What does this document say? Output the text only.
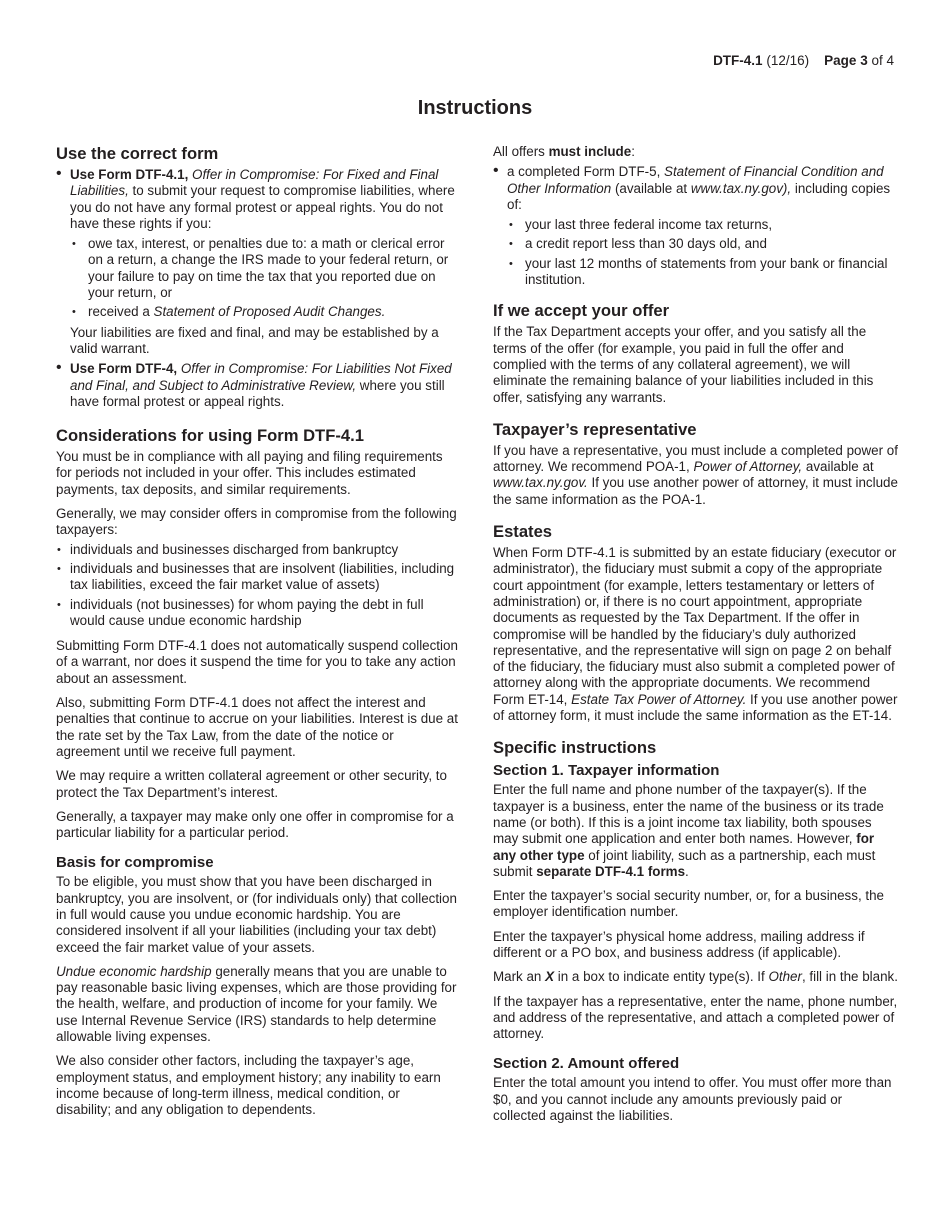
DTF-4.1 (12/16) Page 3 of 4
Instructions
Use the correct form
• Use Form DTF-4.1, Offer in Compromise: For Fixed and Final Liabilities, to submit your request to compromise liabilities, where you do not have any formal protest or appeal rights. You do not have these rights if you:
• owe tax, interest, or penalties due to: a math or clerical error on a return, a change the IRS made to your federal return, or your failure to pay on time the tax that you reported due on your return, or
• received a Statement of Proposed Audit Changes.

Your liabilities are fixed and final, and may be established by a valid warrant.

• Use Form DTF-4, Offer in Compromise: For Liabilities Not Fixed and Final, and Subject to Administrative Review, where you still have formal protest or appeal rights.
Considerations for using Form DTF-4.1

You must be in compliance with all paying and filing requirements for periods not included in your offer. This includes estimated payments, tax deposits, and similar requirements.

Generally, we may consider offers in compromise from the following taxpayers:

• individuals and businesses discharged from bankruptcy
• individuals and businesses that are insolvent (liabilities, including tax liabilities, exceed the fair market value of assets)
• individuals (not businesses) for whom paying the debt in full would cause undue economic hardship

Submitting Form DTF-4.1 does not automatically suspend collection of a warrant, nor does it suspend the time for you to take any action about an assessment.

Also, submitting Form DTF-4.1 does not affect the interest and penalties that continue to accrue on your liabilities. Interest is due at the rate set by the Tax Law, from the date of the notice or agreement until we receive full payment.

We may require a written collateral agreement or other security, to protect the Tax Department’s interest.

Generally, a taxpayer may make only one offer in compromise for a particular liability for a particular period.

Basis for compromise

To be eligible, you must show that you have been discharged in bankruptcy, you are insolvent, or (for individuals only) that collection in full would cause you undue economic hardship. You are considered insolvent if all your liabilities (including your tax debt) exceed the fair market value of your assets.

Undue economic hardship generally means that you are unable to pay reasonable basic living expenses, which are those providing for the health, welfare, and production of income for your family. We use Internal Revenue Service (IRS) standards to help determine allowable living expenses.

We also consider other factors, including the taxpayer’s age, employment status, and employment history; any inability to earn income because of long-term illness, medical condition, or disability; and any obligation to dependents.

All offers must include:

• a completed Form DTF-5, Statement of Financial Condition and Other Information (available at www.tax.ny.gov), including copies of:
• your last three federal income tax returns,
• a credit report less than 30 days old, and
• your last 12 months of statements from your bank or financial institution.
If we accept your offer

If the Tax Department accepts your offer, and you satisfy all the terms of the offer (for example, you paid in full the offer and complied with the terms of any collateral agreement), we will eliminate the remaining balance of your liabilities included in this offer, satisfying any warrants.

Taxpayer’s representative

If you have a representative, you must include a completed power of attorney. We recommend POA-1, Power of Attorney, available at www.tax.ny.gov. If you use another power of attorney, it must include the same information as the POA-1.

Estates

When Form DTF-4.1 is submitted by an estate fiduciary (executor or administrator), the fiduciary must submit a copy of the appropriate court appointment (for example, letters testamentary or letters of administration) or, if there is no court appointment, appropriate documents as requested by the Tax Department. If the offer in compromise will be handled by the fiduciary’s duly authorized representative, and the representative will sign on page 2 on behalf of the fiduciary, the fiduciary must also submit a completed power of attorney along with the appropriate documents. We recommend Form ET-14, Estate Tax Power of Attorney. If you use another power of attorney form, it must include the same information as the ET-14.

Specific instructions
Section 1. Taxpayer information

Enter the full name and phone number of the taxpayer(s). If the taxpayer is a business, enter the name of the business or its trade name (or both). If this is a joint income tax liability, both spouses may submit one application and enter both names. However, for any other type of joint liability, such as a partnership, each must submit separate DTF-4.1 forms.

Enter the taxpayer’s social security number, or, for a business, the employer identification number.

Enter the taxpayer’s physical home address, mailing address if different or a PO box, and business address (if applicable).

Mark an X in a box to indicate entity type(s). If Other, fill in the blank.

If the taxpayer has a representative, enter the name, phone number, and address of the representative, and attach a completed power of attorney.

Section 2. Amount offered

Enter the total amount you intend to offer. You must offer more than $0, and you cannot include any amounts previously paid or collected against the liabilities.
